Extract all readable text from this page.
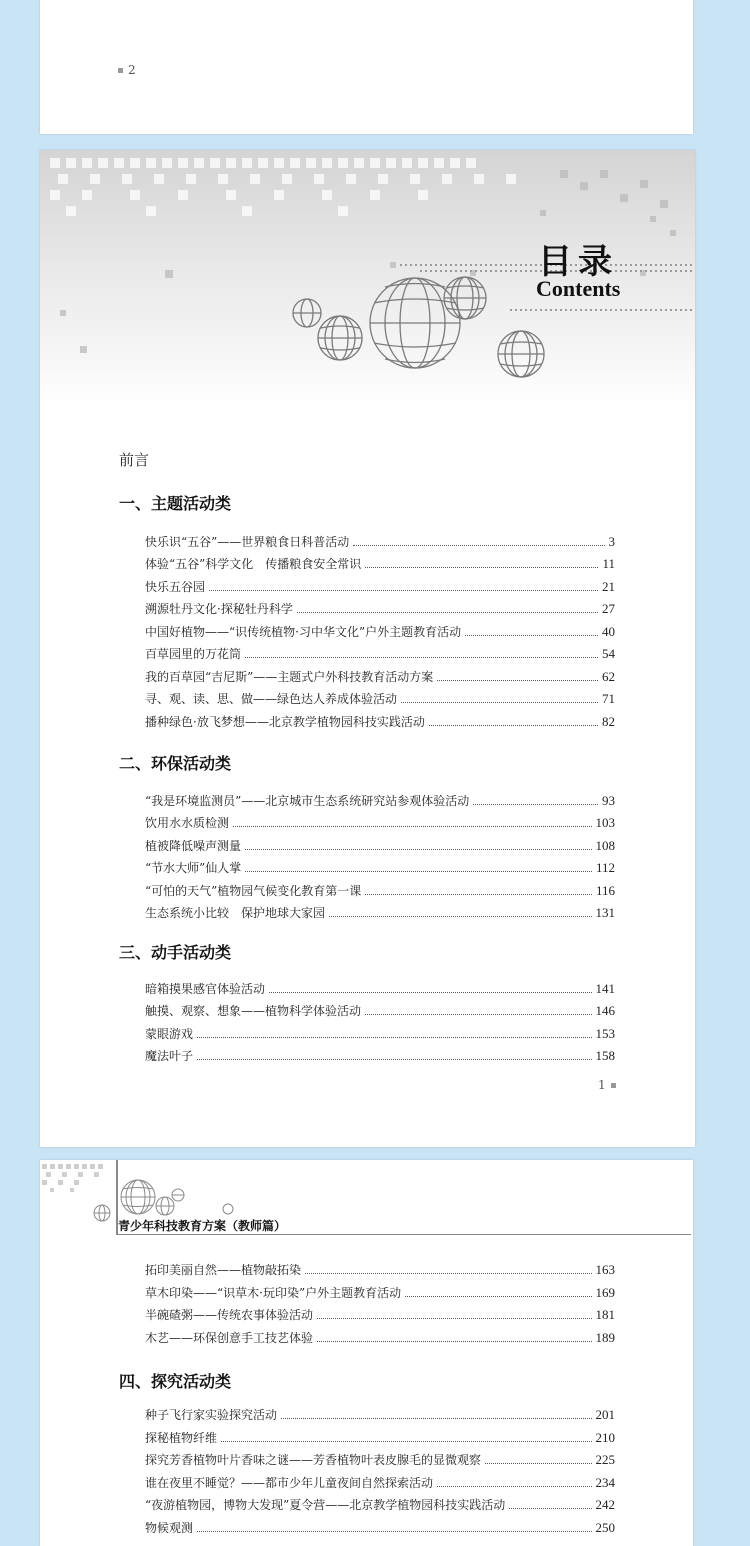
2
目录
Contents
前言
一、主题活动类
快乐识“五谷”——世界粮食日科普活动	3
体验“五谷”科学文化　传播粮食安全常识	11
快乐五谷园	21
溯源牡丹文化·探秘牡丹科学	27
中国好植物——“识传统植物·习中华文化”户外主题教育活动	40
百草园里的万花筒	54
我的百草园“吉尼斯”——主题式户外科技教育活动方案	62
寻、观、读、思、做——绿色达人养成体验活动	71
播种绿色·放飞梦想——北京教学植物园科技实践活动	82
二、环保活动类
“我是环境监测员”——北京城市生态系统研究站参观体验活动	93
饮用水水质检测	103
植被降低噪声测量	108
“节水大师”仙人掌	112
“可怕的天气”植物园气候变化教育第一课	116
生态系统小比较　保护地球大家园	131
三、动手活动类
暗箱摸果感官体验活动	141
触摸、观察、想象——植物科学体验活动	146
蒙眼游戏	153
魔法叶子	158
1
青少年科技教育方案（教师篇）
拓印美丽自然——植物敲拓染	163
草木印染——“识草木·玩印染”户外主题教育活动	169
半碗碴粥——传统农事体验活动	181
木艺——环保创意手工技艺体验	189
四、探究活动类
种子飞行家实验探究活动	201
探秘植物纤维	210
探究芳香植物叶片香味之谜——芳香植物叶表皮腺毛的显微观察	225
谁在夜里不睡觉？——都市少年儿童夜间自然探索活动	234
“夜游植物园，博物大发现”夏令营——北京教学植物园科技实践活动	242
物候观测	250
